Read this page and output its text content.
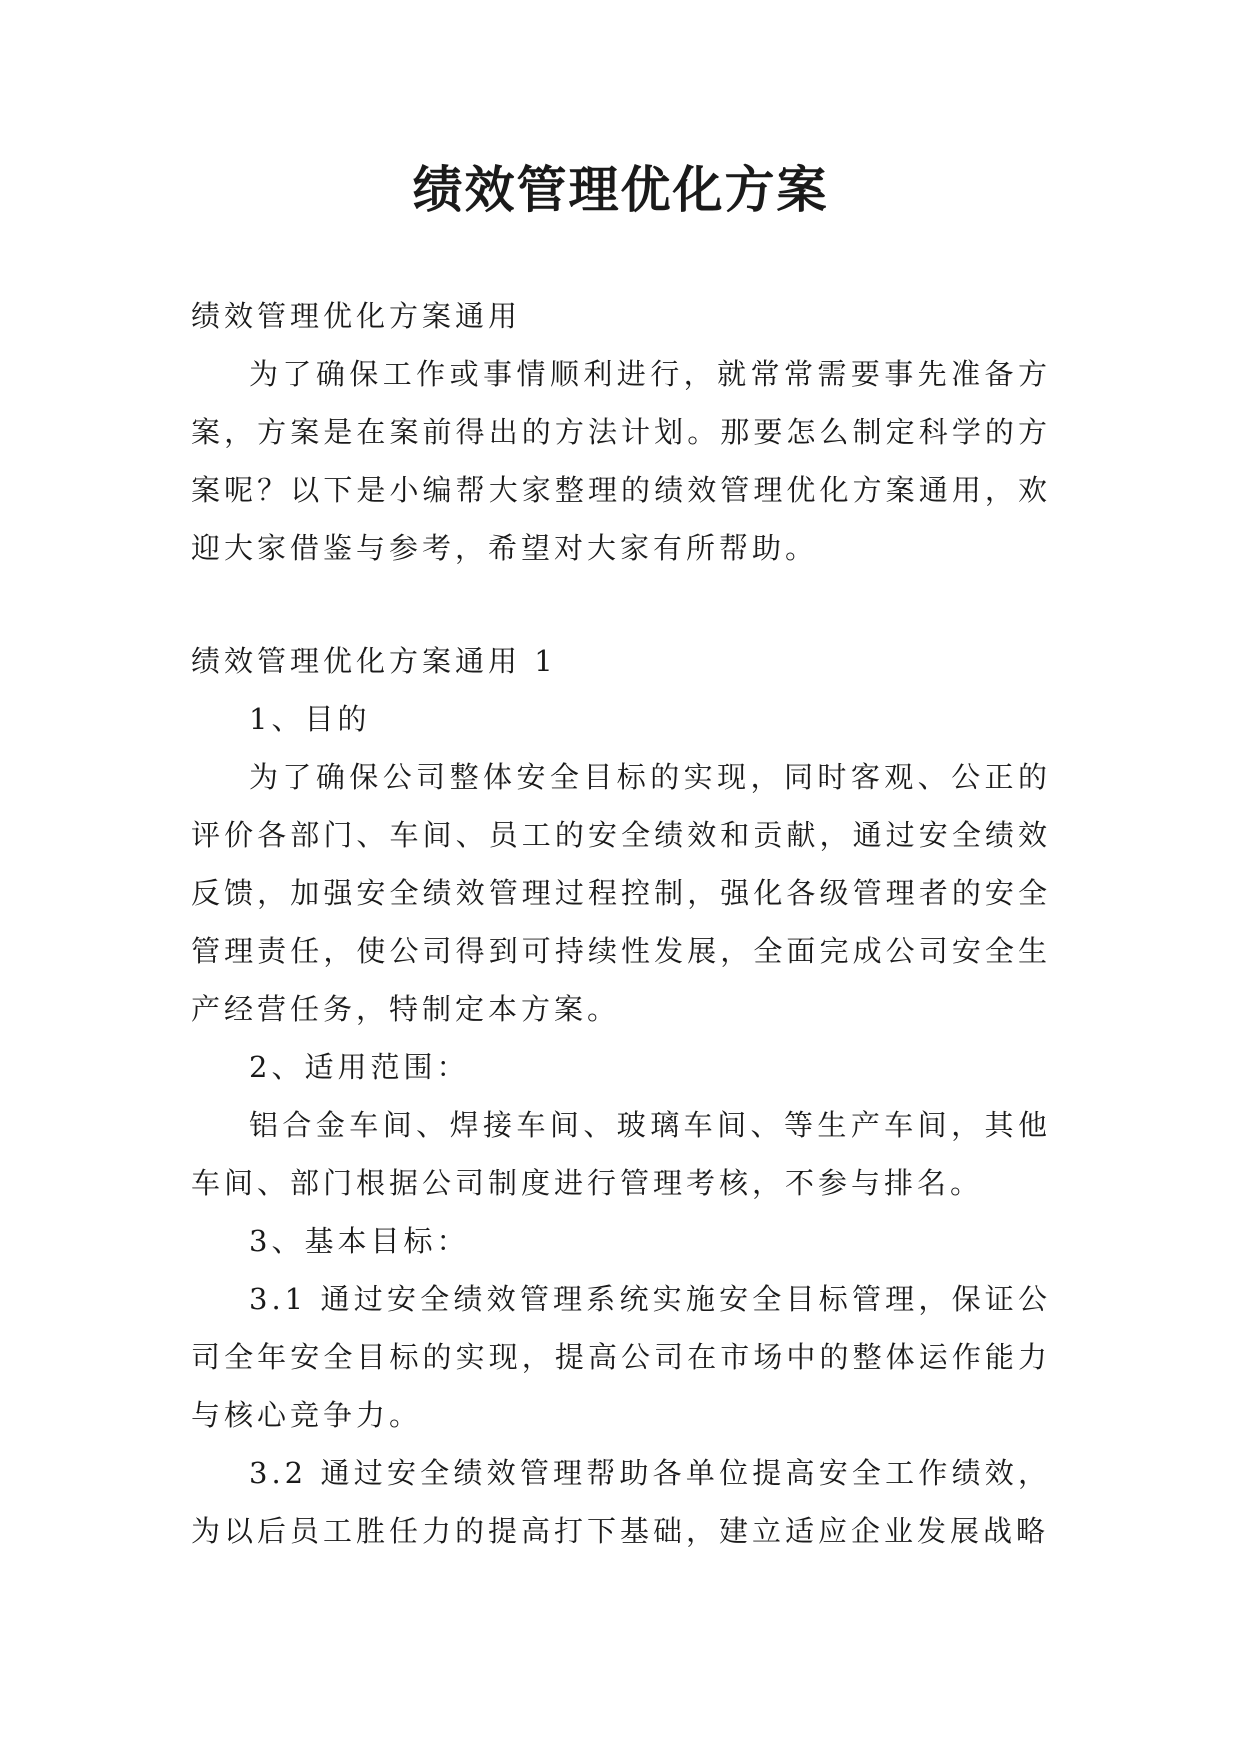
绩效管理优化方案

绩效管理优化方案通用

为了确保工作或事情顺利进行，就常常需要事先准备方案，方案是在案前得出的方法计划。那要怎么制定科学的方案呢？以下是小编帮大家整理的绩效管理优化方案通用，欢迎大家借鉴与参考，希望对大家有所帮助。

绩效管理优化方案通用 1

1、目的

为了确保公司整体安全目标的实现，同时客观、公正的评价各部门、车间、员工的安全绩效和贡献，通过安全绩效反馈，加强安全绩效管理过程控制，强化各级管理者的安全管理责任，使公司得到可持续性发展，全面完成公司安全生产经营任务，特制定本方案。

2、适用范围：

铝合金车间、焊接车间、玻璃车间、等生产车间，其他车间、部门根据公司制度进行管理考核，不参与排名。

3、基本目标：

3.1 通过安全绩效管理系统实施安全目标管理，保证公司全年安全目标的实现，提高公司在市场中的整体运作能力与核心竞争力。

3.2 通过安全绩效管理帮助各单位提高安全工作绩效，为以后员工胜任力的提高打下基础，建立适应企业发展战略
